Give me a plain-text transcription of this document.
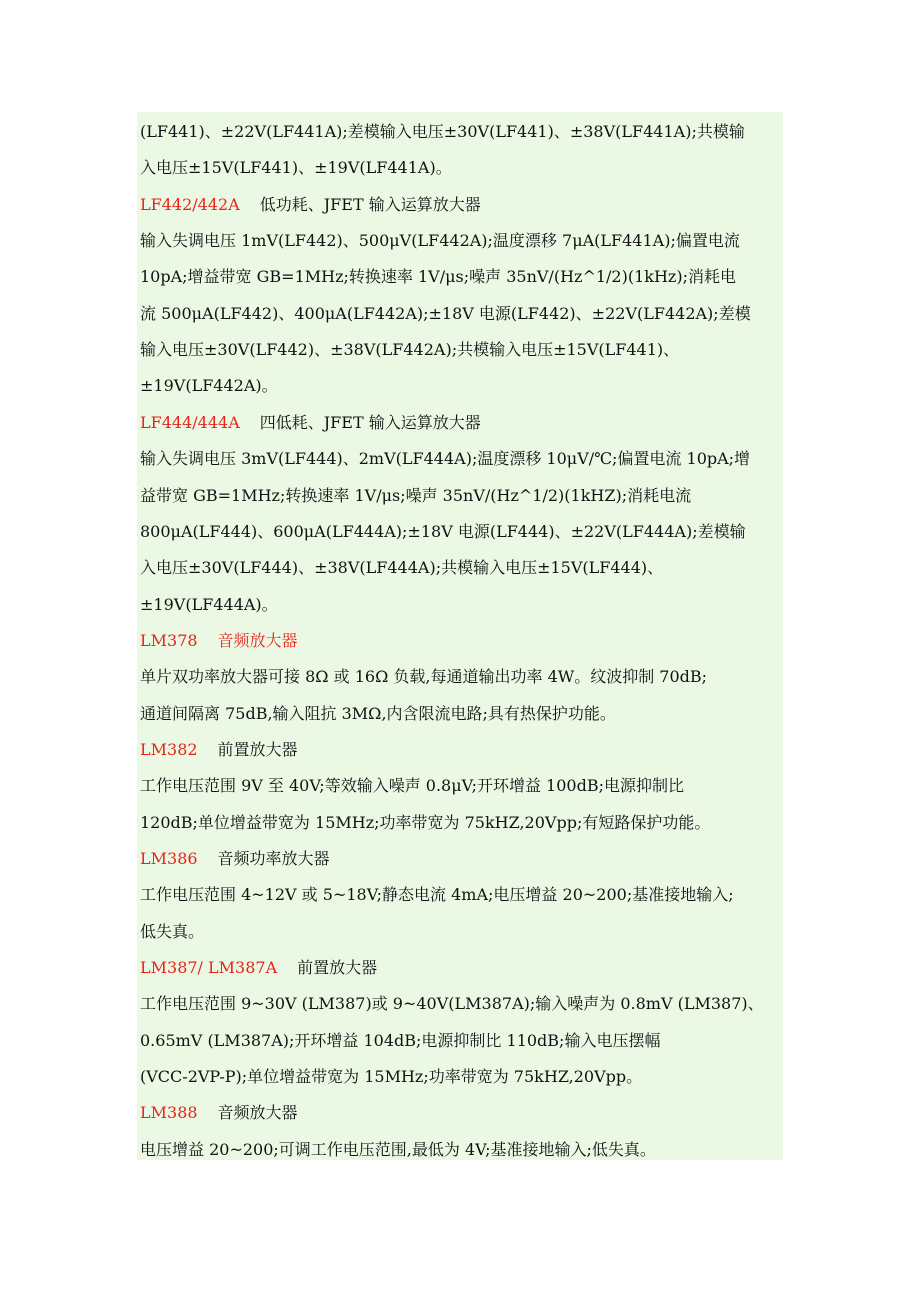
(LF441)、±22V(LF441A);差模输入电压±30V(LF441)、±38V(LF441A);共模输
入电压±15V(LF441)、±19V(LF441A)。
LF442/442A 低功耗、JFET 输入运算放大器
输入失调电压 1mV(LF442)、500μV(LF442A);温度漂移 7μA(LF441A);偏置电流
10pA;增益带宽 GB=1MHz;转换速率 1V/μs;噪声 35nV/(Hz^1/2)(1kHz);消耗电
流 500μA(LF442)、400μA(LF442A);±18V 电源(LF442)、±22V(LF442A);差模
输入电压±30V(LF442)、±38V(LF442A);共模输入电压±15V(LF441)、
±19V(LF442A)。
LF444/444A 四低耗、JFET 输入运算放大器
输入失调电压 3mV(LF444)、2mV(LF444A);温度漂移 10μV/℃;偏置电流 10pA;增
益带宽 GB=1MHz;转换速率 1V/μs;噪声 35nV/(Hz^1/2)(1kHZ);消耗电流
800μA(LF444)、600μA(LF444A);±18V 电源(LF444)、±22V(LF444A);差模输
入电压±30V(LF444)、±38V(LF444A);共模输入电压±15V(LF444)、
±19V(LF444A)。
LM378 音频放大器
单片双功率放大器可接 8Ω 或 16Ω 负载,每通道输出功率 4W。纹波抑制 70dB;
通道间隔离 75dB,输入阻抗 3MΩ,内含限流电路;具有热保护功能。
LM382 前置放大器
工作电压范围 9V 至 40V;等效输入噪声 0.8μV;开环增益 100dB;电源抑制比
120dB;单位增益带宽为 15MHz;功率带宽为 75kHZ,20Vpp;有短路保护功能。
LM386 音频功率放大器
工作电压范围 4~12V 或 5~18V;静态电流 4mA;电压增益 20~200;基准接地输入;
低失真。
LM387/ LM387A 前置放大器
工作电压范围 9~30V (LM387)或 9~40V(LM387A);输入噪声为 0.8mV (LM387)、
0.65mV (LM387A);开环增益 104dB;电源抑制比 110dB;输入电压摆幅
(VCC-2VP-P);单位增益带宽为 15MHz;功率带宽为 75kHZ,20Vpp。
LM388 音频放大器
电压增益 20~200;可调工作电压范围,最低为 4V;基准接地输入;低失真。
